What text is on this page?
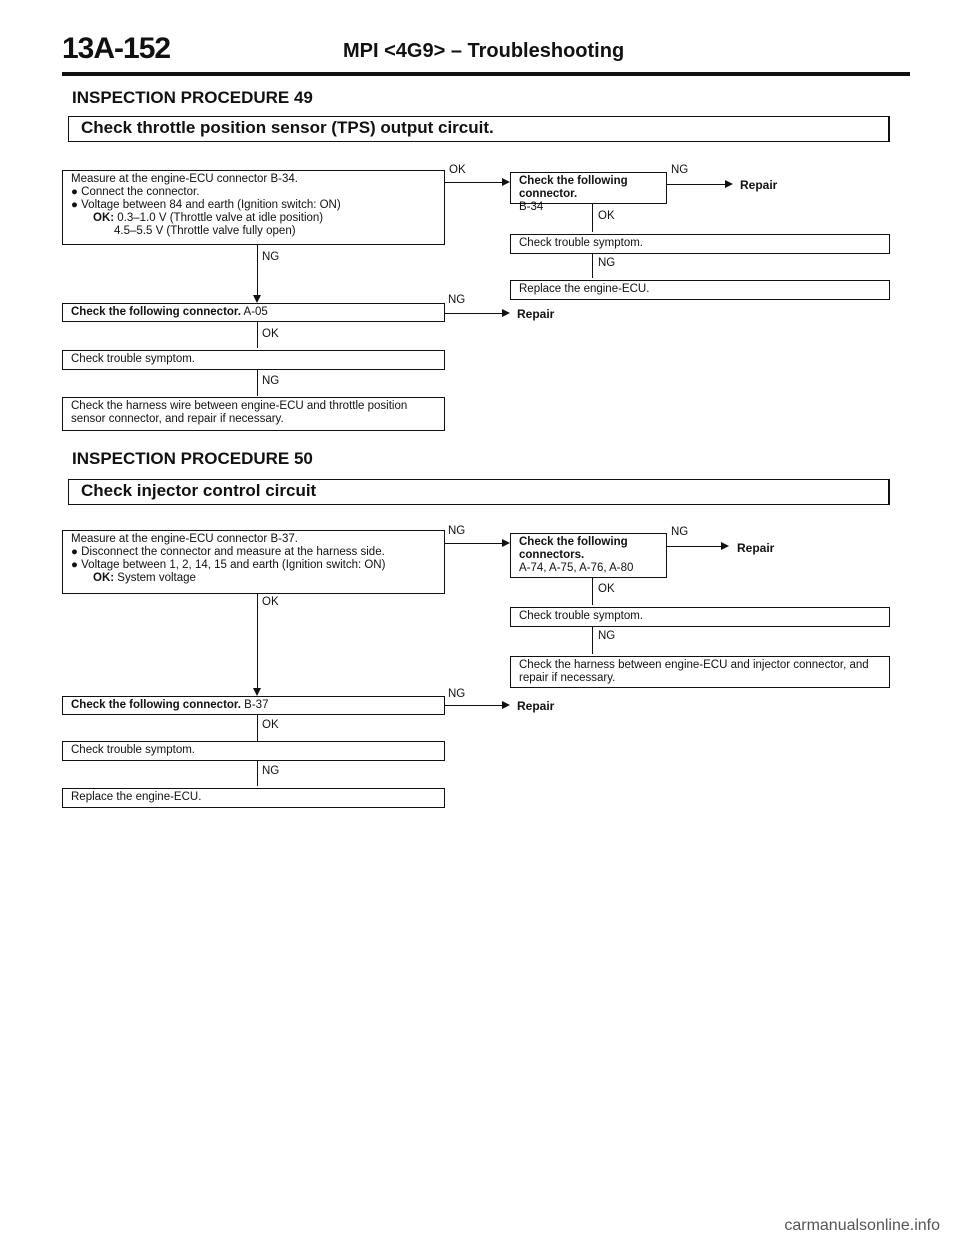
13A-152	MPI <4G9> – Troubleshooting
INSPECTION PROCEDURE 49
Check throttle position sensor (TPS) output circuit.
Measure at the engine-ECU connector B-34.
● Connect the connector.
● Voltage between 84 and earth (Ignition switch: ON)
OK: 0.3–1.0 V (Throttle valve at idle position)
4.5–5.5 V (Throttle valve fully open)
OK
Check the following connector.
B-34
NG
Repair
OK
Check trouble symptom.
NG
Replace the engine-ECU.
NG
Check the following connector. A-05
NG
Repair
OK
Check trouble symptom.
NG
Check the harness wire between engine-ECU and throttle position sensor connector, and repair if necessary.
INSPECTION PROCEDURE 50
Check injector control circuit
Measure at the engine-ECU connector B-37.
● Disconnect the connector and measure at the harness side.
● Voltage between 1, 2, 14, 15 and earth (Ignition switch: ON)
OK: System voltage
NG
Check the following connectors.
A-74, A-75, A-76, A-80
NG
Repair
OK
Check trouble symptom.
NG
Check the harness between engine-ECU and injector connector, and repair if necessary.
OK
Check the following connector. B-37
NG
Repair
OK
Check trouble symptom.
NG
Replace the engine-ECU.
carmanualsonline.info
